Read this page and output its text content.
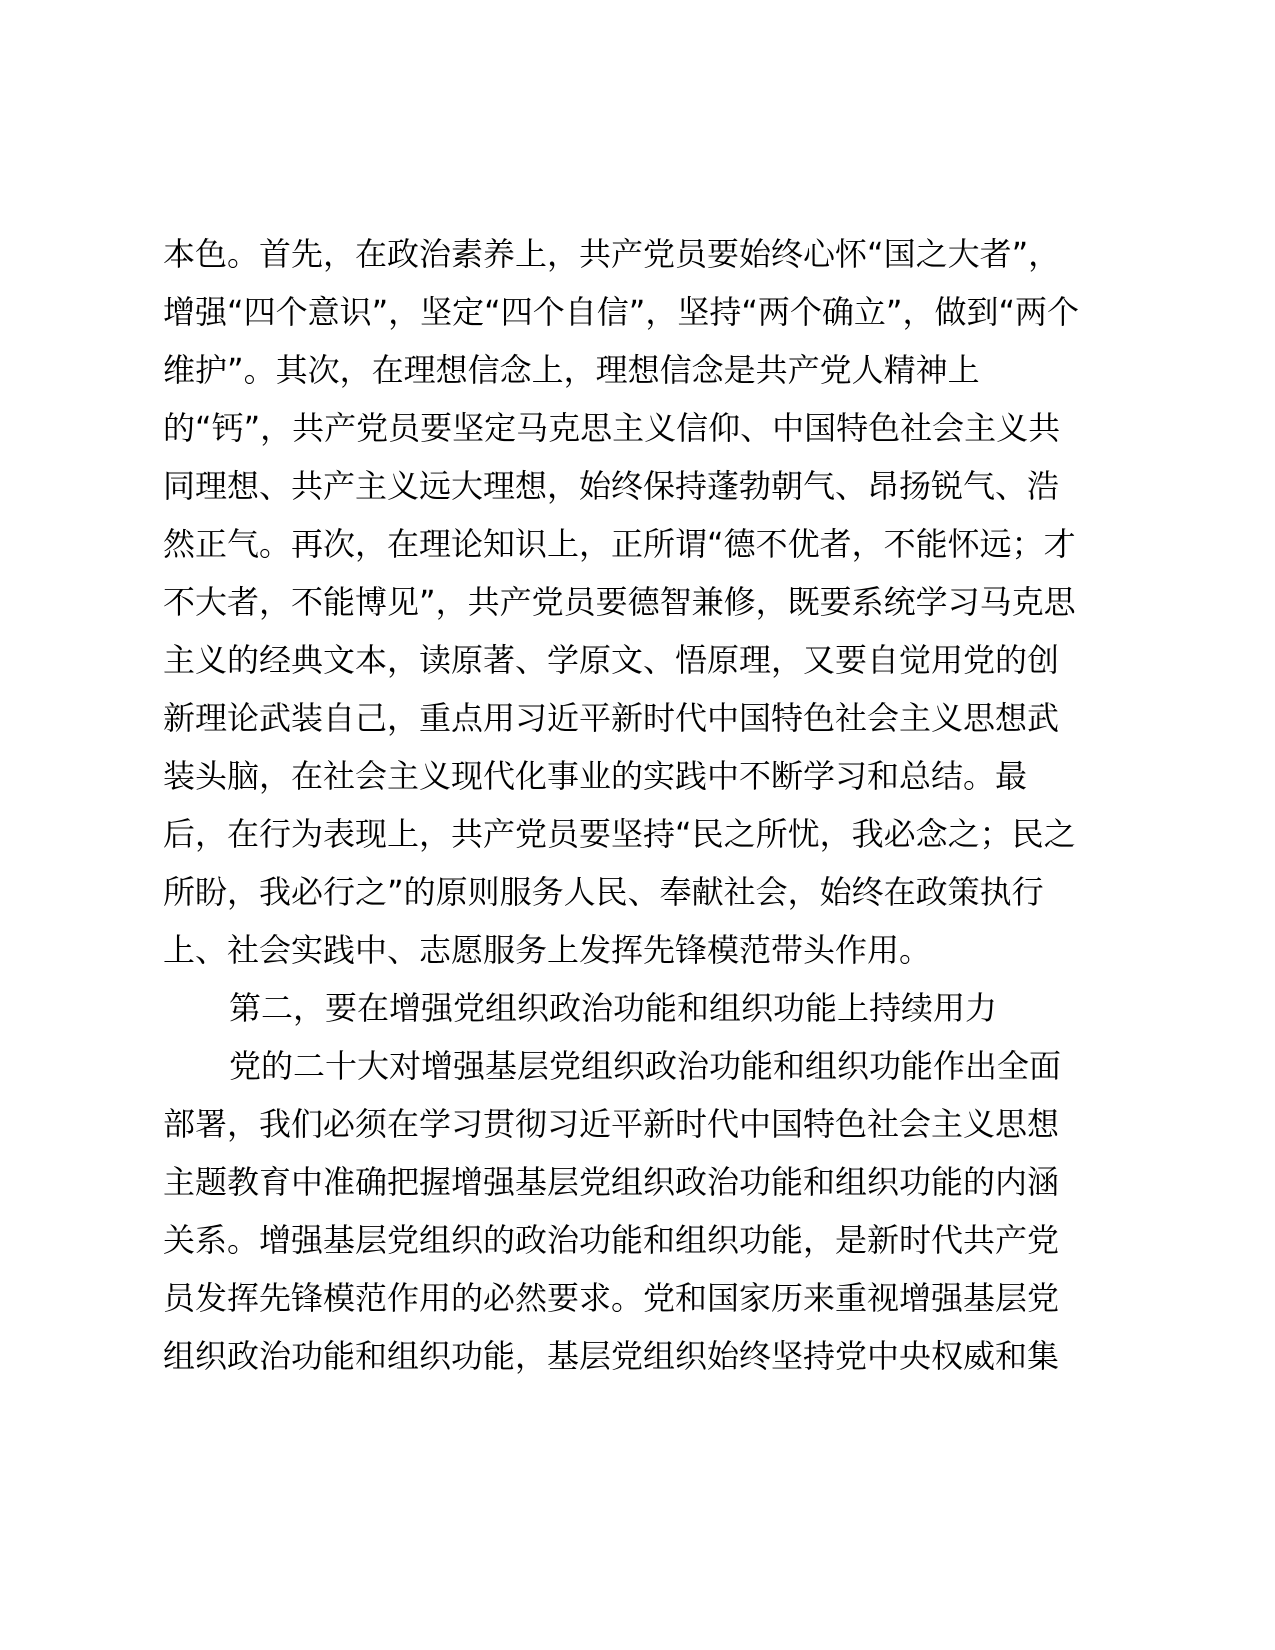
本色。首先，在政治素养上，共产党员要始终心怀“国之大者”，
增强“四个意识”，坚定“四个自信”，坚持“两个确立”，做到“两个
维护”。其次，在理想信念上，理想信念是共产党人精神上
的“钙”，共产党员要坚定马克思主义信仰、中国特色社会主义共
同理想、共产主义远大理想，始终保持蓬勃朝气、昂扬锐气、浩
然正气。再次，在理论知识上，正所谓“德不优者，不能怀远；才
不大者，不能博见”，共产党员要德智兼修，既要系统学习马克思
主义的经典文本，读原著、学原文、悟原理，又要自觉用党的创
新理论武装自己，重点用习近平新时代中国特色社会主义思想武
装头脑，在社会主义现代化事业的实践中不断学习和总结。最
后，在行为表现上，共产党员要坚持“民之所忧，我必念之；民之
所盼，我必行之”的原则服务人民、奉献社会，始终在政策执行
上、社会实践中、志愿服务上发挥先锋模范带头作用。
第二，要在增强党组织政治功能和组织功能上持续用力
党的二十大对增强基层党组织政治功能和组织功能作出全面
部署，我们必须在学习贯彻习近平新时代中国特色社会主义思想
主题教育中准确把握增强基层党组织政治功能和组织功能的内涵
关系。增强基层党组织的政治功能和组织功能，是新时代共产党
员发挥先锋模范作用的必然要求。党和国家历来重视增强基层党
组织政治功能和组织功能，基层党组织始终坚持党中央权威和集
